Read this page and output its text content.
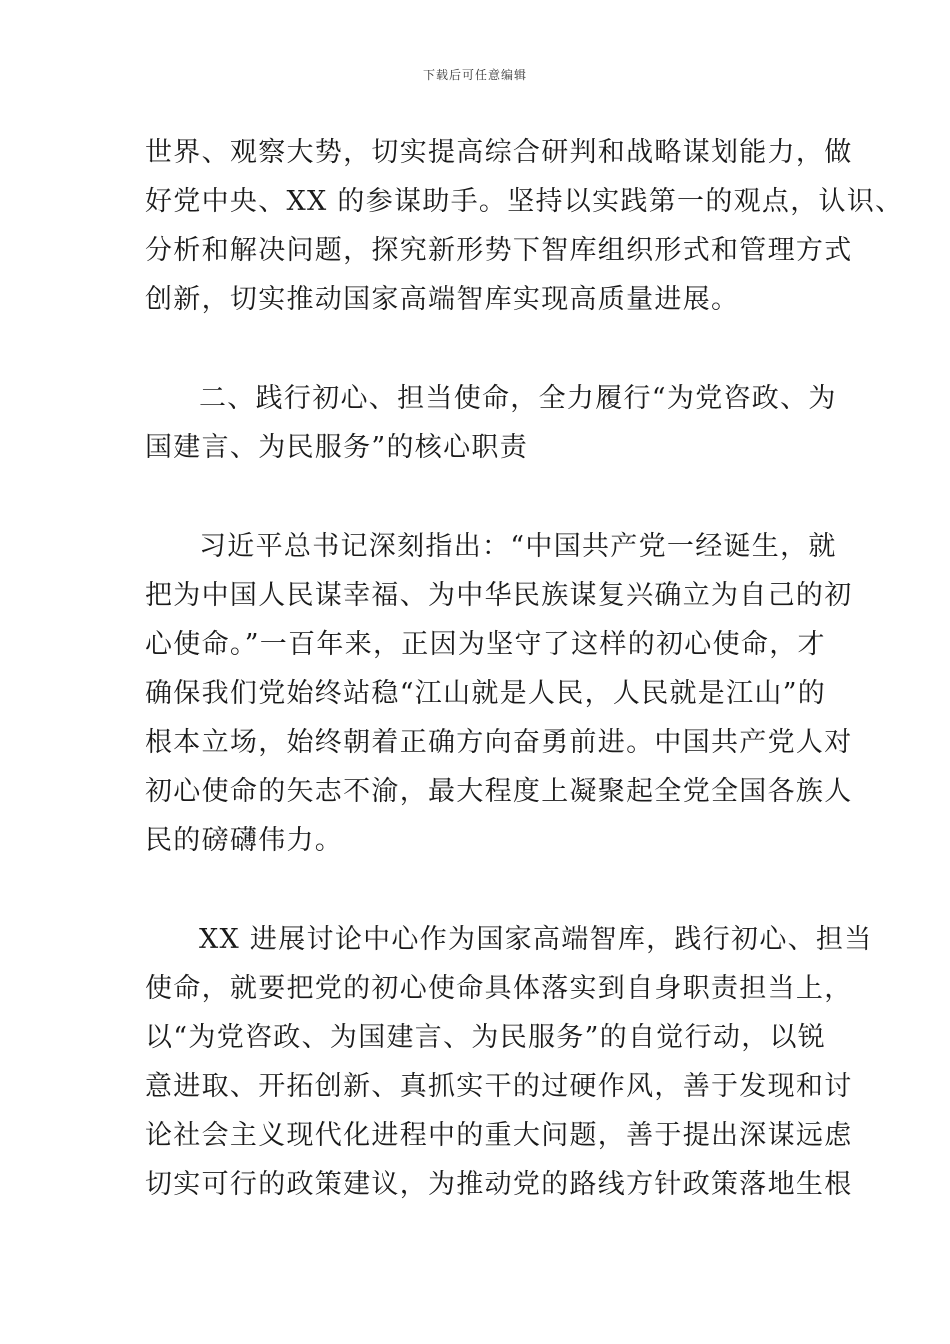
下载后可任意编辑
世界、观察大势，切实提高综合研判和战略谋划能力，做
好党中央、XX 的参谋助手。坚持以实践第一的观点，认识、
分析和解决问题，探究新形势下智库组织形式和管理方式
创新，切实推动国家高端智库实现高质量进展。
二、践行初心、担当使命，全力履行“为党咨政、为
国建言、为民服务”的核心职责
习近平总书记深刻指出：“中国共产党一经诞生，就
把为中国人民谋幸福、为中华民族谋复兴确立为自己的初
心使命。”一百年来，正因为坚守了这样的初心使命，才
确保我们党始终站稳“江山就是人民，人民就是江山”的
根本立场，始终朝着正确方向奋勇前进。中国共产党人对
初心使命的矢志不渝，最大程度上凝聚起全党全国各族人
民的磅礴伟力。
XX 进展讨论中心作为国家高端智库，践行初心、担当
使命，就要把党的初心使命具体落实到自身职责担当上，
以“为党咨政、为国建言、为民服务”的自觉行动，以锐
意进取、开拓创新、真抓实干的过硬作风，善于发现和讨
论社会主义现代化进程中的重大问题，善于提出深谋远虑
切实可行的政策建议，为推动党的路线方针政策落地生根
